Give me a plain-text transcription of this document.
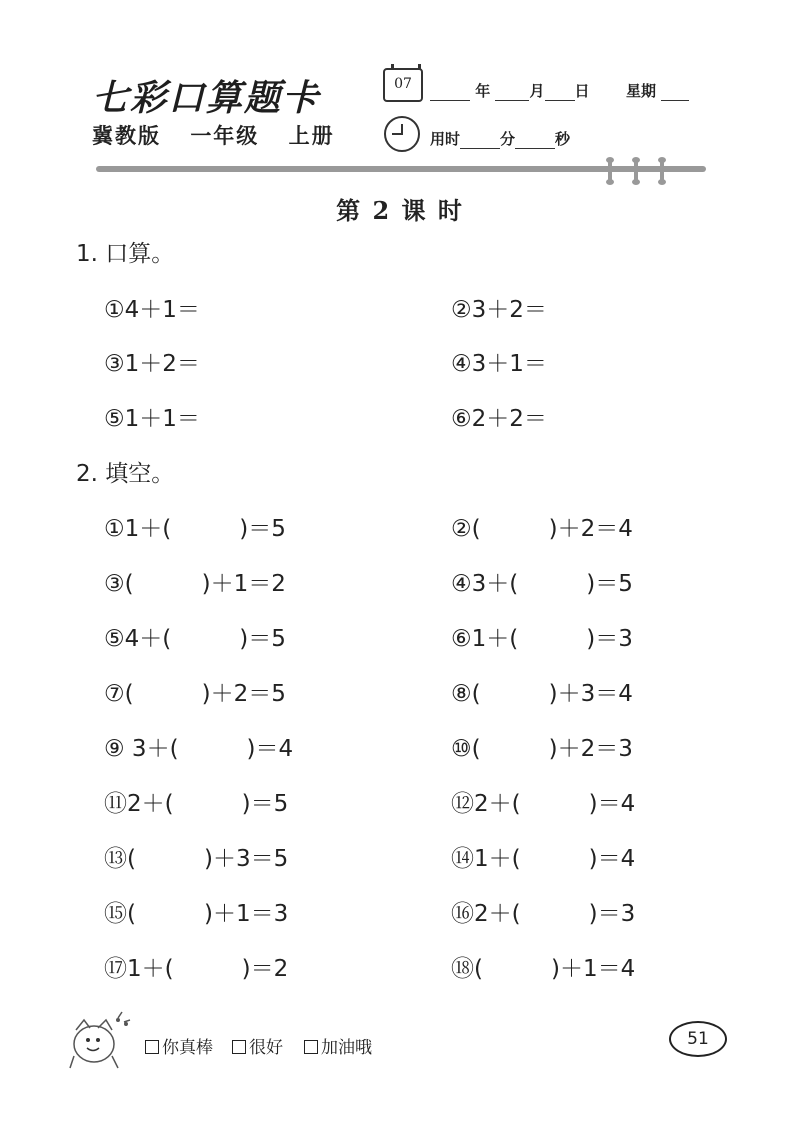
七彩口算题卡
冀教版 一年级 上册
07	年	月 日 星期
用时	分	秒
第 2 课 时
1. 口算。
①4＋1＝	②3＋2＝
③1＋2＝	④3＋1＝
⑤1＋1＝	⑥2＋2＝
2. 填空。
①1＋(	)＝5	②(	)＋2＝4
③(	)＋1＝2	④3＋(	)＝5
⑤4＋(	)＝5	⑥1＋(	)＝3
⑦(	)＋2＝5	⑧(	)＋3＝4
⑨ 3＋(	)＝4	⑩(	)＋2＝3
⑪2＋(	)＝5	⑫2＋(	)＝4
⑬(	)＋3＝5	⑭1＋(	)＝4
⑮(	)＋1＝3	⑯2＋(	)＝3
⑰1＋(	)＝2	⑱(	)＋1＝4
你真棒	很好	加油哦	51
